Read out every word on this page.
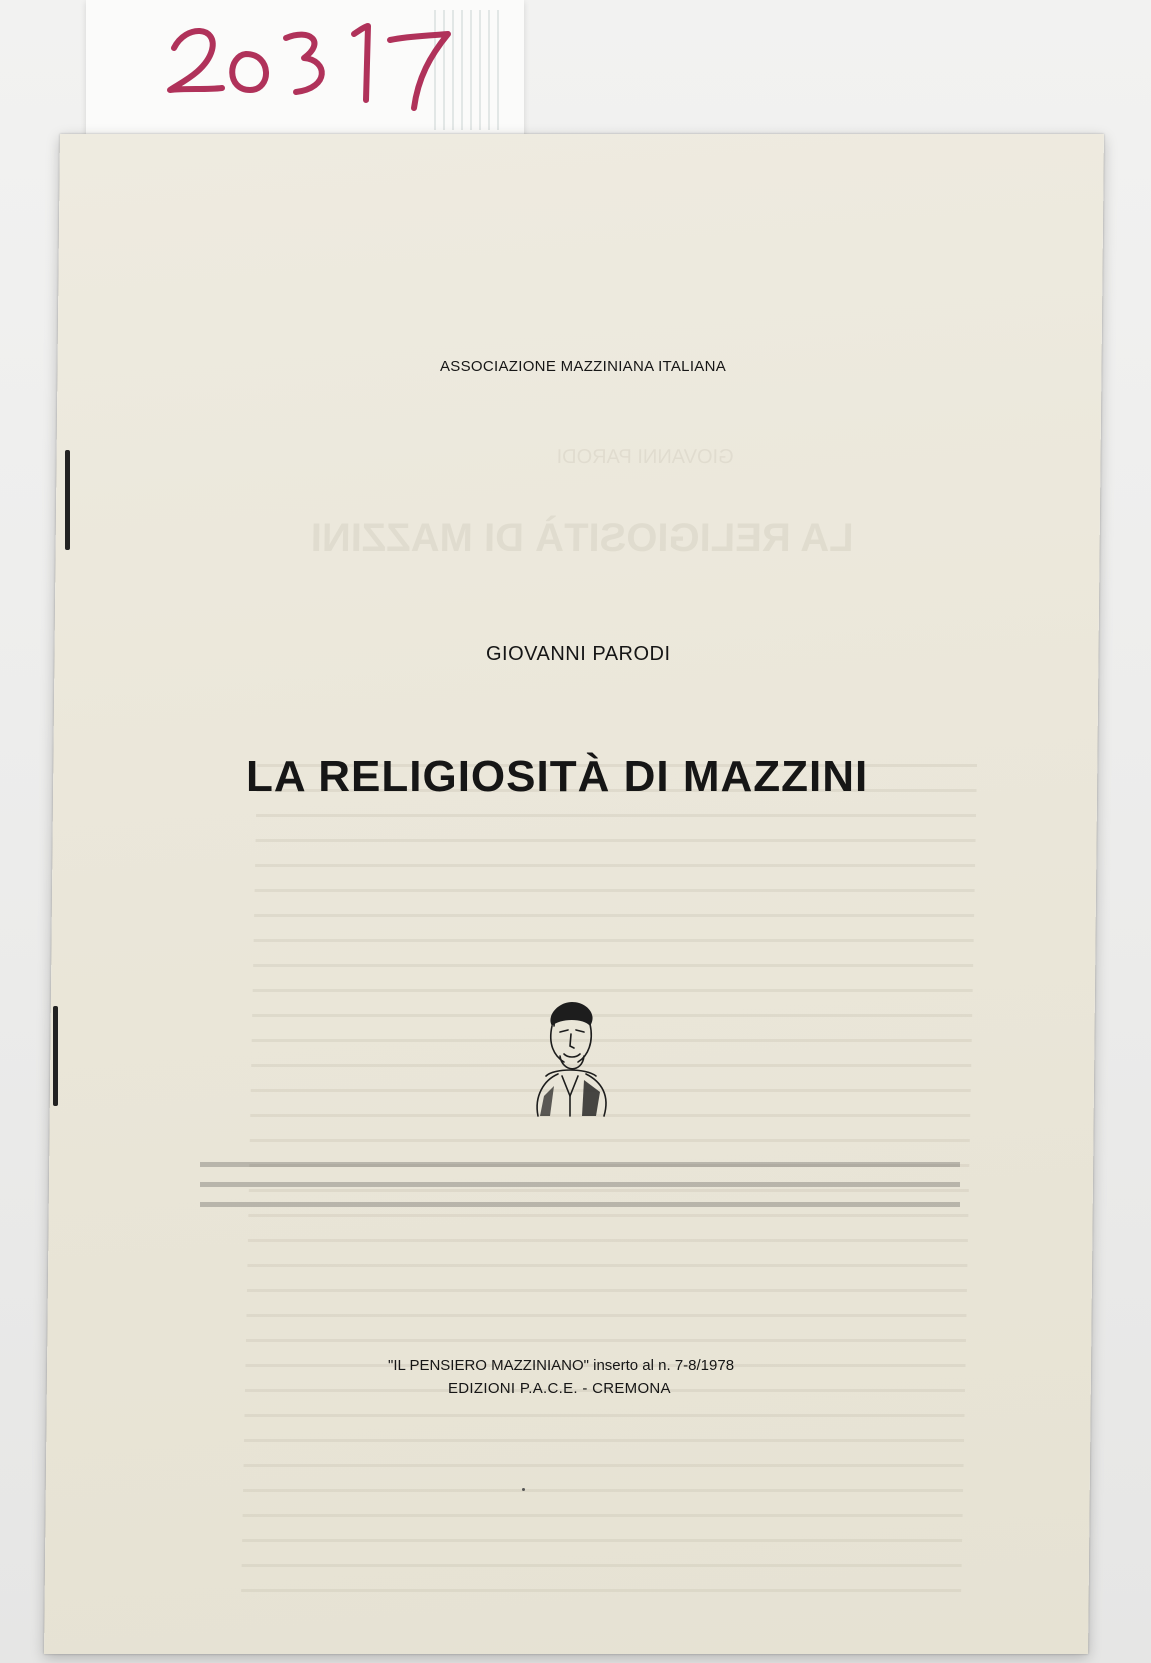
GIOVANNI PARODI
LA RELIGIOSITÀ DI MAZZINI
ASSOCIAZIONE MAZZINIANA ITALIANA
GIOVANNI PARODI
LA RELIGIOSITÀ DI MAZZINI
"IL PENSIERO MAZZINIANO" inserto al n. 7-8/1978
EDIZIONI P.A.C.E. - CREMONA
